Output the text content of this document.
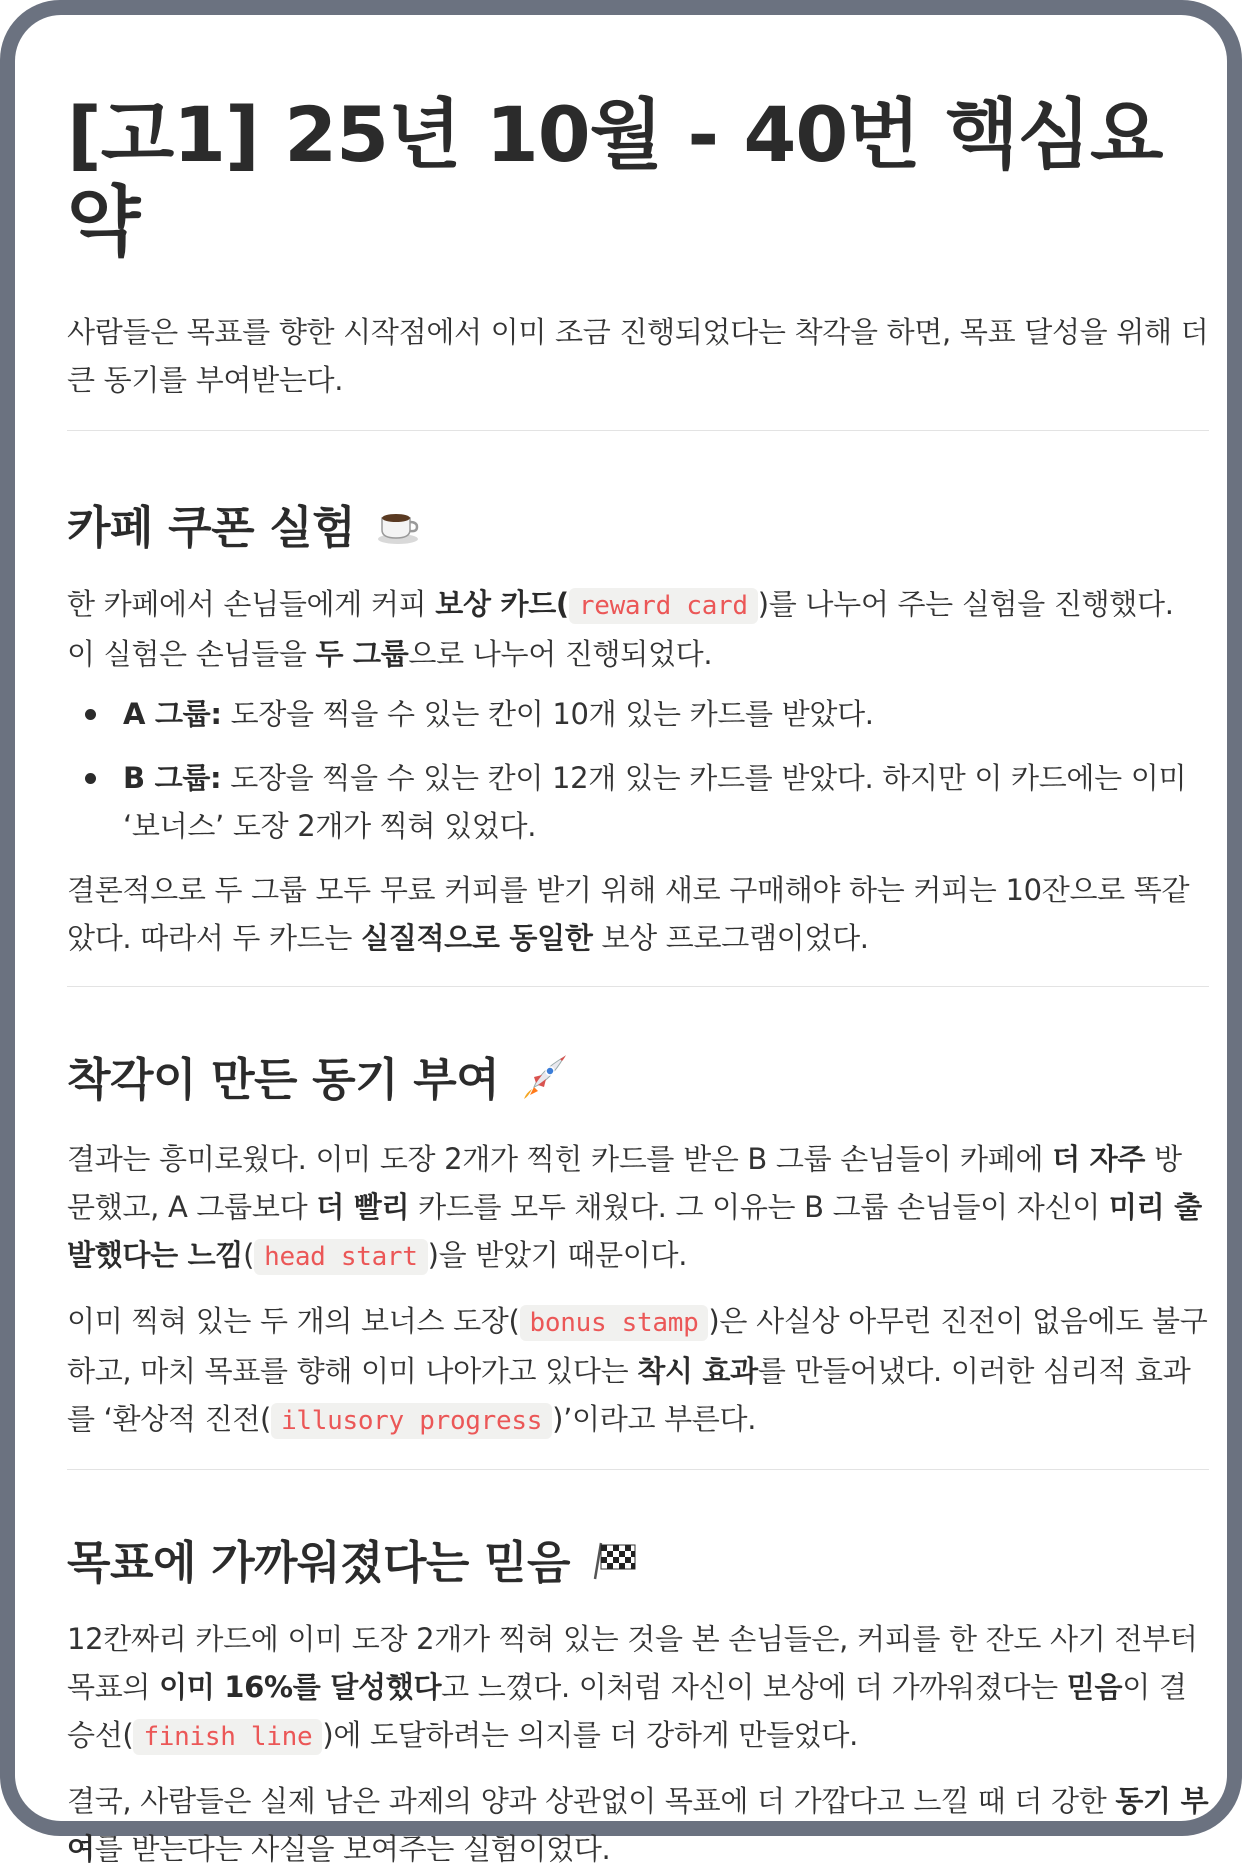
[고1] 25년 10월 - 40번 핵심요약

사람들은 목표를 향한 시작점에서 이미 조금 진행되었다는 착각을 하면, 목표 달성을 위해 더 큰 동기를 부여받는다.

카페 쿠폰 실험

한 카페에서 손님들에게 커피 보상 카드( reward card )를 나누어 주는 실험을 진행했다. 이 실험은 손님들을 두 그룹으로 나누어 진행되었다.

A 그룹: 도장을 찍을 수 있는 칸이 10개 있는 카드를 받았다.
B 그룹: 도장을 찍을 수 있는 칸이 12개 있는 카드를 받았다. 하지만 이 카드에는 이미 ‘보너스’ 도장 2개가 찍혀 있었다.

결론적으로 두 그룹 모두 무료 커피를 받기 위해 새로 구매해야 하는 커피는 10잔으로 똑같았다. 따라서 두 카드는 실질적으로 동일한 보상 프로그램이었다.

착각이 만든 동기 부여

결과는 흥미로웠다. 이미 도장 2개가 찍힌 카드를 받은 B 그룹 손님들이 카페에 더 자주 방문했고, A 그룹보다 더 빨리 카드를 모두 채웠다. 그 이유는 B 그룹 손님들이 자신이 미리 출발했다는 느낌( head start )을 받았기 때문이다.

이미 찍혀 있는 두 개의 보너스 도장( bonus stamp )은 사실상 아무런 진전이 없음에도 불구하고, 마치 목표를 향해 이미 나아가고 있다는 착시 효과를 만들어냈다. 이러한 심리적 효과를 ‘환상적 진전( illusory progress )’이라고 부른다.

목표에 가까워졌다는 믿음

12칸짜리 카드에 이미 도장 2개가 찍혀 있는 것을 본 손님들은, 커피를 한 잔도 사기 전부터 목표의 이미 16%를 달성했다고 느꼈다. 이처럼 자신이 보상에 더 가까워졌다는 믿음이 결승선( finish line )에 도달하려는 의지를 더 강하게 만들었다.

결국, 사람들은 실제 남은 과제의 양과 상관없이 목표에 더 가깝다고 느낄 때 더 강한 동기 부여를 받는다는 사실을 보여주는 실험이었다.
